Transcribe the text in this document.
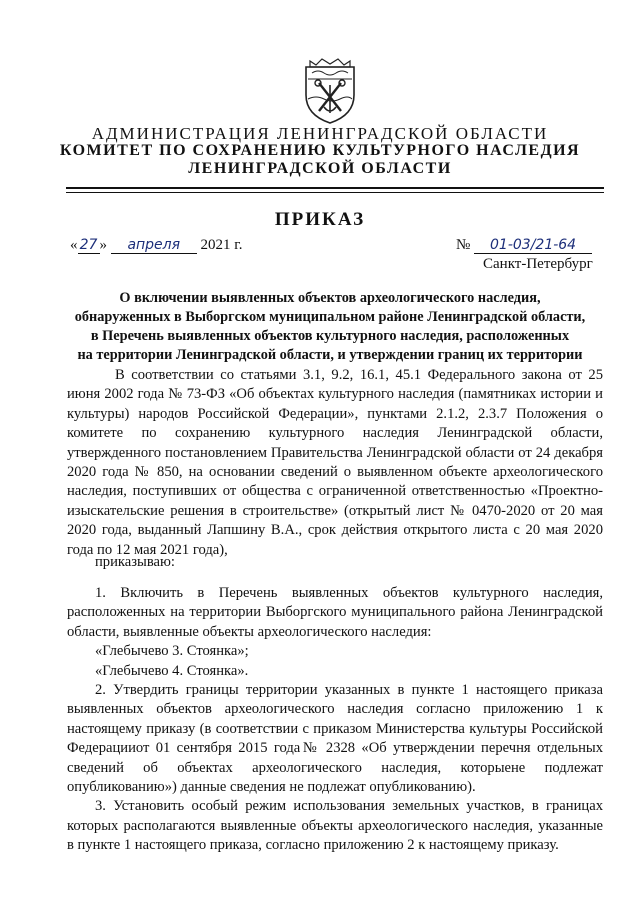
АДМИНИСТРАЦИЯ ЛЕНИНГРАДСКОЙ ОБЛАСТИ
КОМИТЕТ ПО СОХРАНЕНИЮ КУЛЬТУРНОГО НАСЛЕДИЯ
ЛЕНИНГРАДСКОЙ ОБЛАСТИ
ПРИКАЗ
« 27 » апреля 2021 г.	№ 01-03/21-64
Санкт-Петербург
О включении выявленных объектов археологического наследия,
обнаруженных в Выборгском муниципальном районе Ленинградской области,
в Перечень выявленных объектов культурного наследия, расположенных
на территории Ленинградской области, и утверждении границ их территории

В соответствии со статьями 3.1, 9.2, 16.1, 45.1 Федерального закона от 25 июня 2002 года № 73-ФЗ «Об объектах культурного наследия (памятниках истории и культуры) народов Российской Федерации», пунктами 2.1.2, 2.3.7 Положения о комитете по сохранению культурного наследия Ленинградской области, утвержденного постановлением Правительства Ленинградской области от 24 декабря 2020 года № 850, на основании сведений о выявленном объекте археологического наследия, поступивших от общества с ограниченной ответственностью «Проектно-изыскательские решения в строительстве» (открытый лист № 0470-2020 от 20 мая 2020 года, выданный Лапшину В.А., срок действия открытого листа с 20 мая 2020 года по 12 мая 2021 года),

приказываю:

1. Включить в Перечень выявленных объектов культурного наследия, расположенных на территории Выборгского муниципального района Ленинградской области, выявленные объекты археологического наследия:

«Глебычево 3. Стоянка»;

«Глебычево 4. Стоянка».

2. Утвердить границы территории указанных в пункте 1 настоящего приказа выявленных объектов археологического наследия согласно приложению 1 к настоящему приказу (в соответствии с приказом Министерства культуры Российской Федерацииот 01 сентября 2015 года№ 2328 «Об утверждении перечня отдельных сведений об объектах археологического наследия, которыене подлежат опубликованию») данные сведения не подлежат опубликованию).

3. Установить особый режим использования земельных участков, в границах которых располагаются выявленные объекты археологического наследия, указанные в пункте 1 настоящего приказа, согласно приложению 2 к настоящему приказу.
